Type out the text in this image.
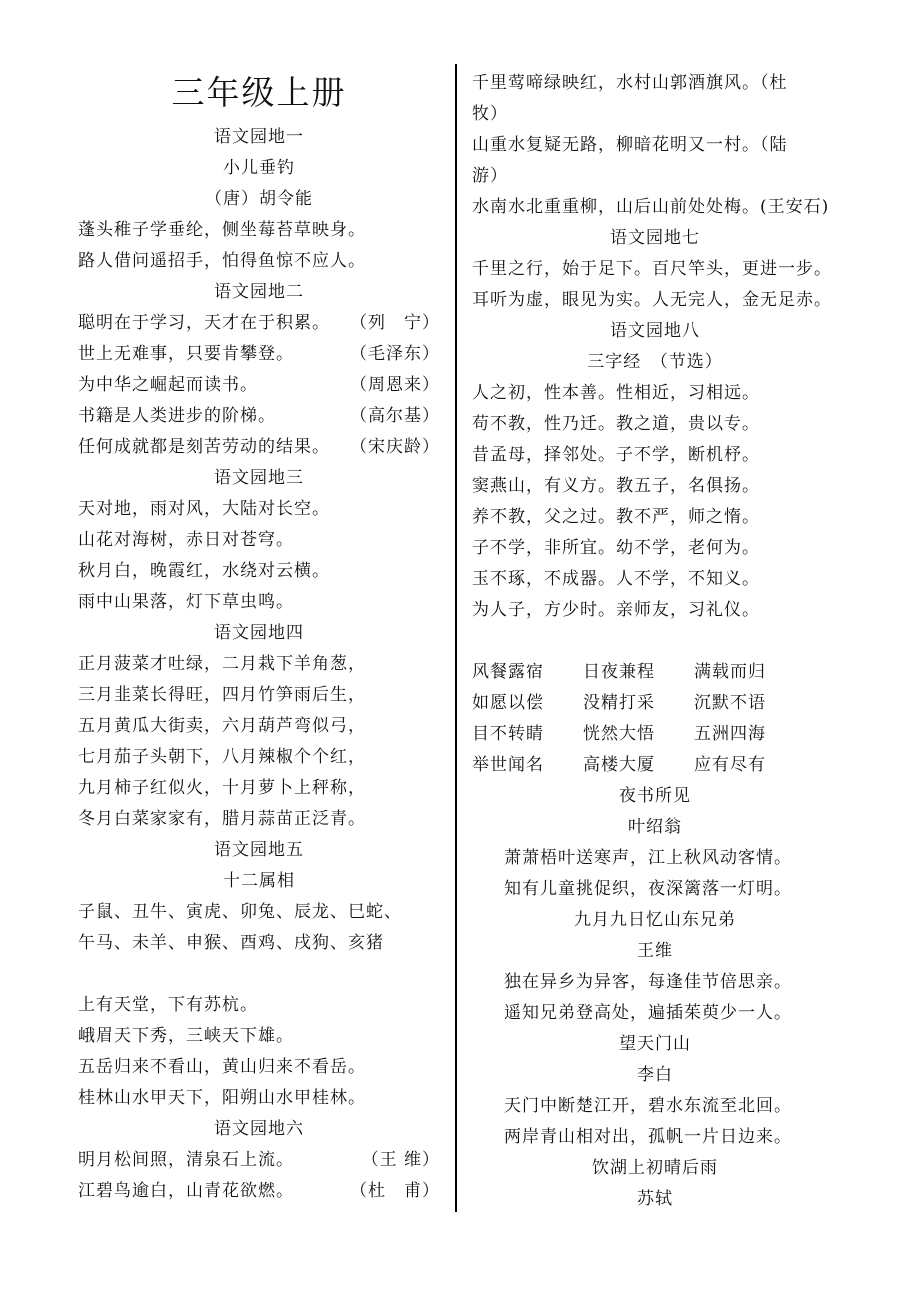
三年级上册
语文园地一
小儿垂钓
（唐）胡令能
蓬头稚子学垂纶，侧坐莓苔草映身。
路人借问遥招手，怕得鱼惊不应人。
语文园地二
聪明在于学习，天才在于积累。 （列　宁）
世上无难事，只要肯攀登。	（毛泽东）
为中华之崛起而读书。	（周恩来）
书籍是人类进步的阶梯。	（高尔基）
任何成就都是刻苦劳动的结果。 （宋庆龄）
语文园地三
天对地，雨对风，大陆对长空。
山花对海树，赤日对苍穹。
秋月白，晚霞红，水绕对云横。
雨中山果落，灯下草虫鸣。
语文园地四
正月菠菜才吐绿，二月栽下羊角葱，
三月韭菜长得旺，四月竹笋雨后生，
五月黄瓜大街卖，六月葫芦弯似弓，
七月茄子头朝下，八月辣椒个个红，
九月柿子红似火，十月萝卜上秤称，
冬月白菜家家有，腊月蒜苗正泛青。
语文园地五
十二属相
子鼠、丑牛、寅虎、卯兔、辰龙、巳蛇、
午马、未羊、申猴、酉鸡、戌狗、亥猪
上有天堂，下有苏杭。
峨眉天下秀，三峡天下雄。
五岳归来不看山，黄山归来不看岳。
桂林山水甲天下，阳朔山水甲桂林。
语文园地六
明月松间照，清泉石上流。	（王 维）
江碧鸟逾白，山青花欲燃。	（杜　甫）
千里莺啼绿映红，水村山郭酒旗风。（杜
牧）
山重水复疑无路，柳暗花明又一村。（陆
游）
水南水北重重柳，山后山前处处梅。(王安石)
语文园地七
千里之行，始于足下。百尺竿头，更进一步。
耳听为虚，眼见为实。人无完人，金无足赤。
语文园地八
三字经　（节选）
人之初，性本善。性相近，习相远。
苟不教，性乃迁。教之道，贵以专。
昔孟母，择邻处。子不学，断机杼。
窦燕山，有义方。教五子，名俱扬。
养不教，父之过。教不严，师之惰。
子不学，非所宜。幼不学，老何为。
玉不琢，不成器。人不学，不知义。
为人子，方少时。亲师友，习礼仪。
风餐露宿	日夜兼程	满载而归
如愿以偿	没精打采	沉默不语
目不转睛	恍然大悟	五洲四海
举世闻名	高楼大厦	应有尽有
夜书所见
叶绍翁
萧萧梧叶送寒声，江上秋风动客情。
知有儿童挑促织，夜深篱落一灯明。
九月九日忆山东兄弟
王维
独在异乡为异客，每逢佳节倍思亲。
遥知兄弟登高处，遍插茱萸少一人。
望天门山
李白
天门中断楚江开，碧水东流至北回。
两岸青山相对出，孤帆一片日边来。
饮湖上初晴后雨
苏轼
